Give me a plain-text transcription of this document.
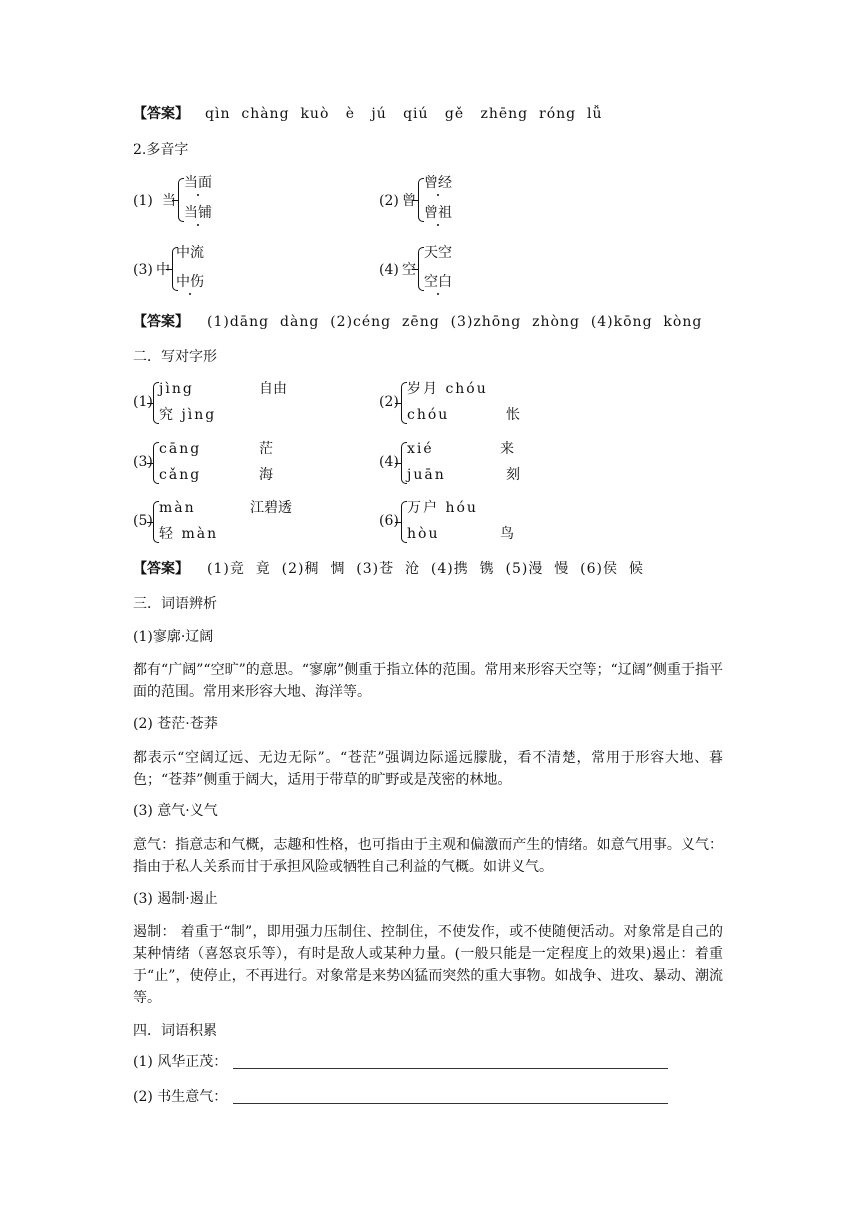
【答案】 qìn  chàng  kuò   è   jú   qiú   gě   zhēng  róng  lǚ
2.多音字
(1) 当
当面
当铺
(2) 曾
曾经
曾祖
(3) 中
中流
中伤
(4) 空
天空
空白
【答案】 (1)dāng  dàng  (2)céng  zēng  (3)zhōng  zhòng  (4)kōng  kòng
二．写对字形
(1)
jìng	自由
究 jìng
(2)
岁月 chóu
chóu	怅
(3)
cāng	茫
cǎng	海
(4)
xié	来
juān	刻
(5)
màn	江碧透
轻 màn
(6)
万户 hóu
hòu	鸟
【答案】 (1)竞  竟  (2)稠  惆  (3)苍  沧  (4)携  镌  (5)漫  慢  (6)侯  候
三．词语辨析
(1)寥廓·辽阔
都有“广阔”“空旷”的意思。“寥廓”侧重于指立体的范围。常用来形容天空等；“辽阔”侧重于指平面的范围。常用来形容大地、海洋等。
(2) 苍茫·苍莽
都表示“空阔辽远、无边无际”。“苍茫”强调边际遥远朦胧，看不清楚，常用于形容大地、暮色；“苍莽”侧重于阔大，适用于带草的旷野或是茂密的林地。
(3) 意气·义气
意气：指意志和气概，志趣和性格，也可指由于主观和偏激而产生的情绪。如意气用事。义气：指由于私人关系而甘于承担风险或牺牲自己利益的气概。如讲义气。
(3) 遏制·遏止
遏制： 着重于“制”，即用强力压制住、控制住，不使发作，或不使随便活动。对象常是自己的某种情绪（喜怒哀乐等），有时是敌人或某种力量。(一般只能是一定程度上的效果)遏止：着重于“止”，使停止，不再进行。对象常是来势凶猛而突然的重大事物。如战争、进攻、暴动、潮流等。
四．词语积累
(1) 风华正茂：
(2) 书生意气：
